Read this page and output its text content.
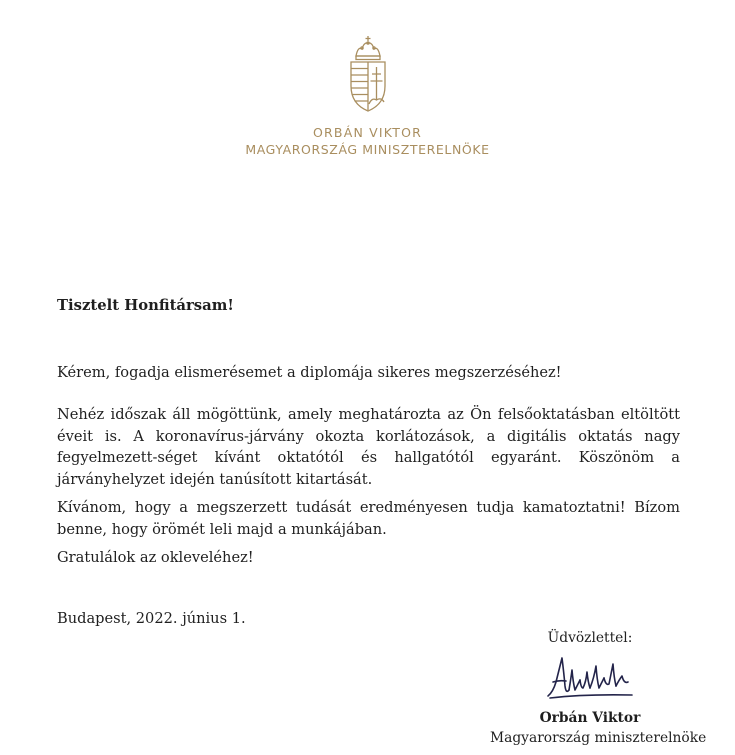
ORBÁN VIKTOR
MAGYARORSZÁG MINISZTERELNÖKE
Tisztelt Honfitársam!

Kérem, fogadja elismerésemet a diplomája sikeres megszerzéséhez!

Nehéz időszak áll mögöttünk, amely meghatározta az Ön felsőoktatásban eltöltött éveit is. A koronavírus-járvány okozta korlátozások, a digitális oktatás nagy fegyelmezett-séget kívánt oktatótól és hallgatótól egyaránt. Köszönöm a járványhelyzet idején tanúsított kitartását.

Kívánom, hogy a megszerzett tudását eredményesen tudja kamatoztatni! Bízom benne, hogy örömét leli majd a munkájában.

Gratulálok az okleveléhez!

Budapest, 2022. június 1.
Üdvözlettel:
Orbán Viktor
Magyarország miniszterelnöke
